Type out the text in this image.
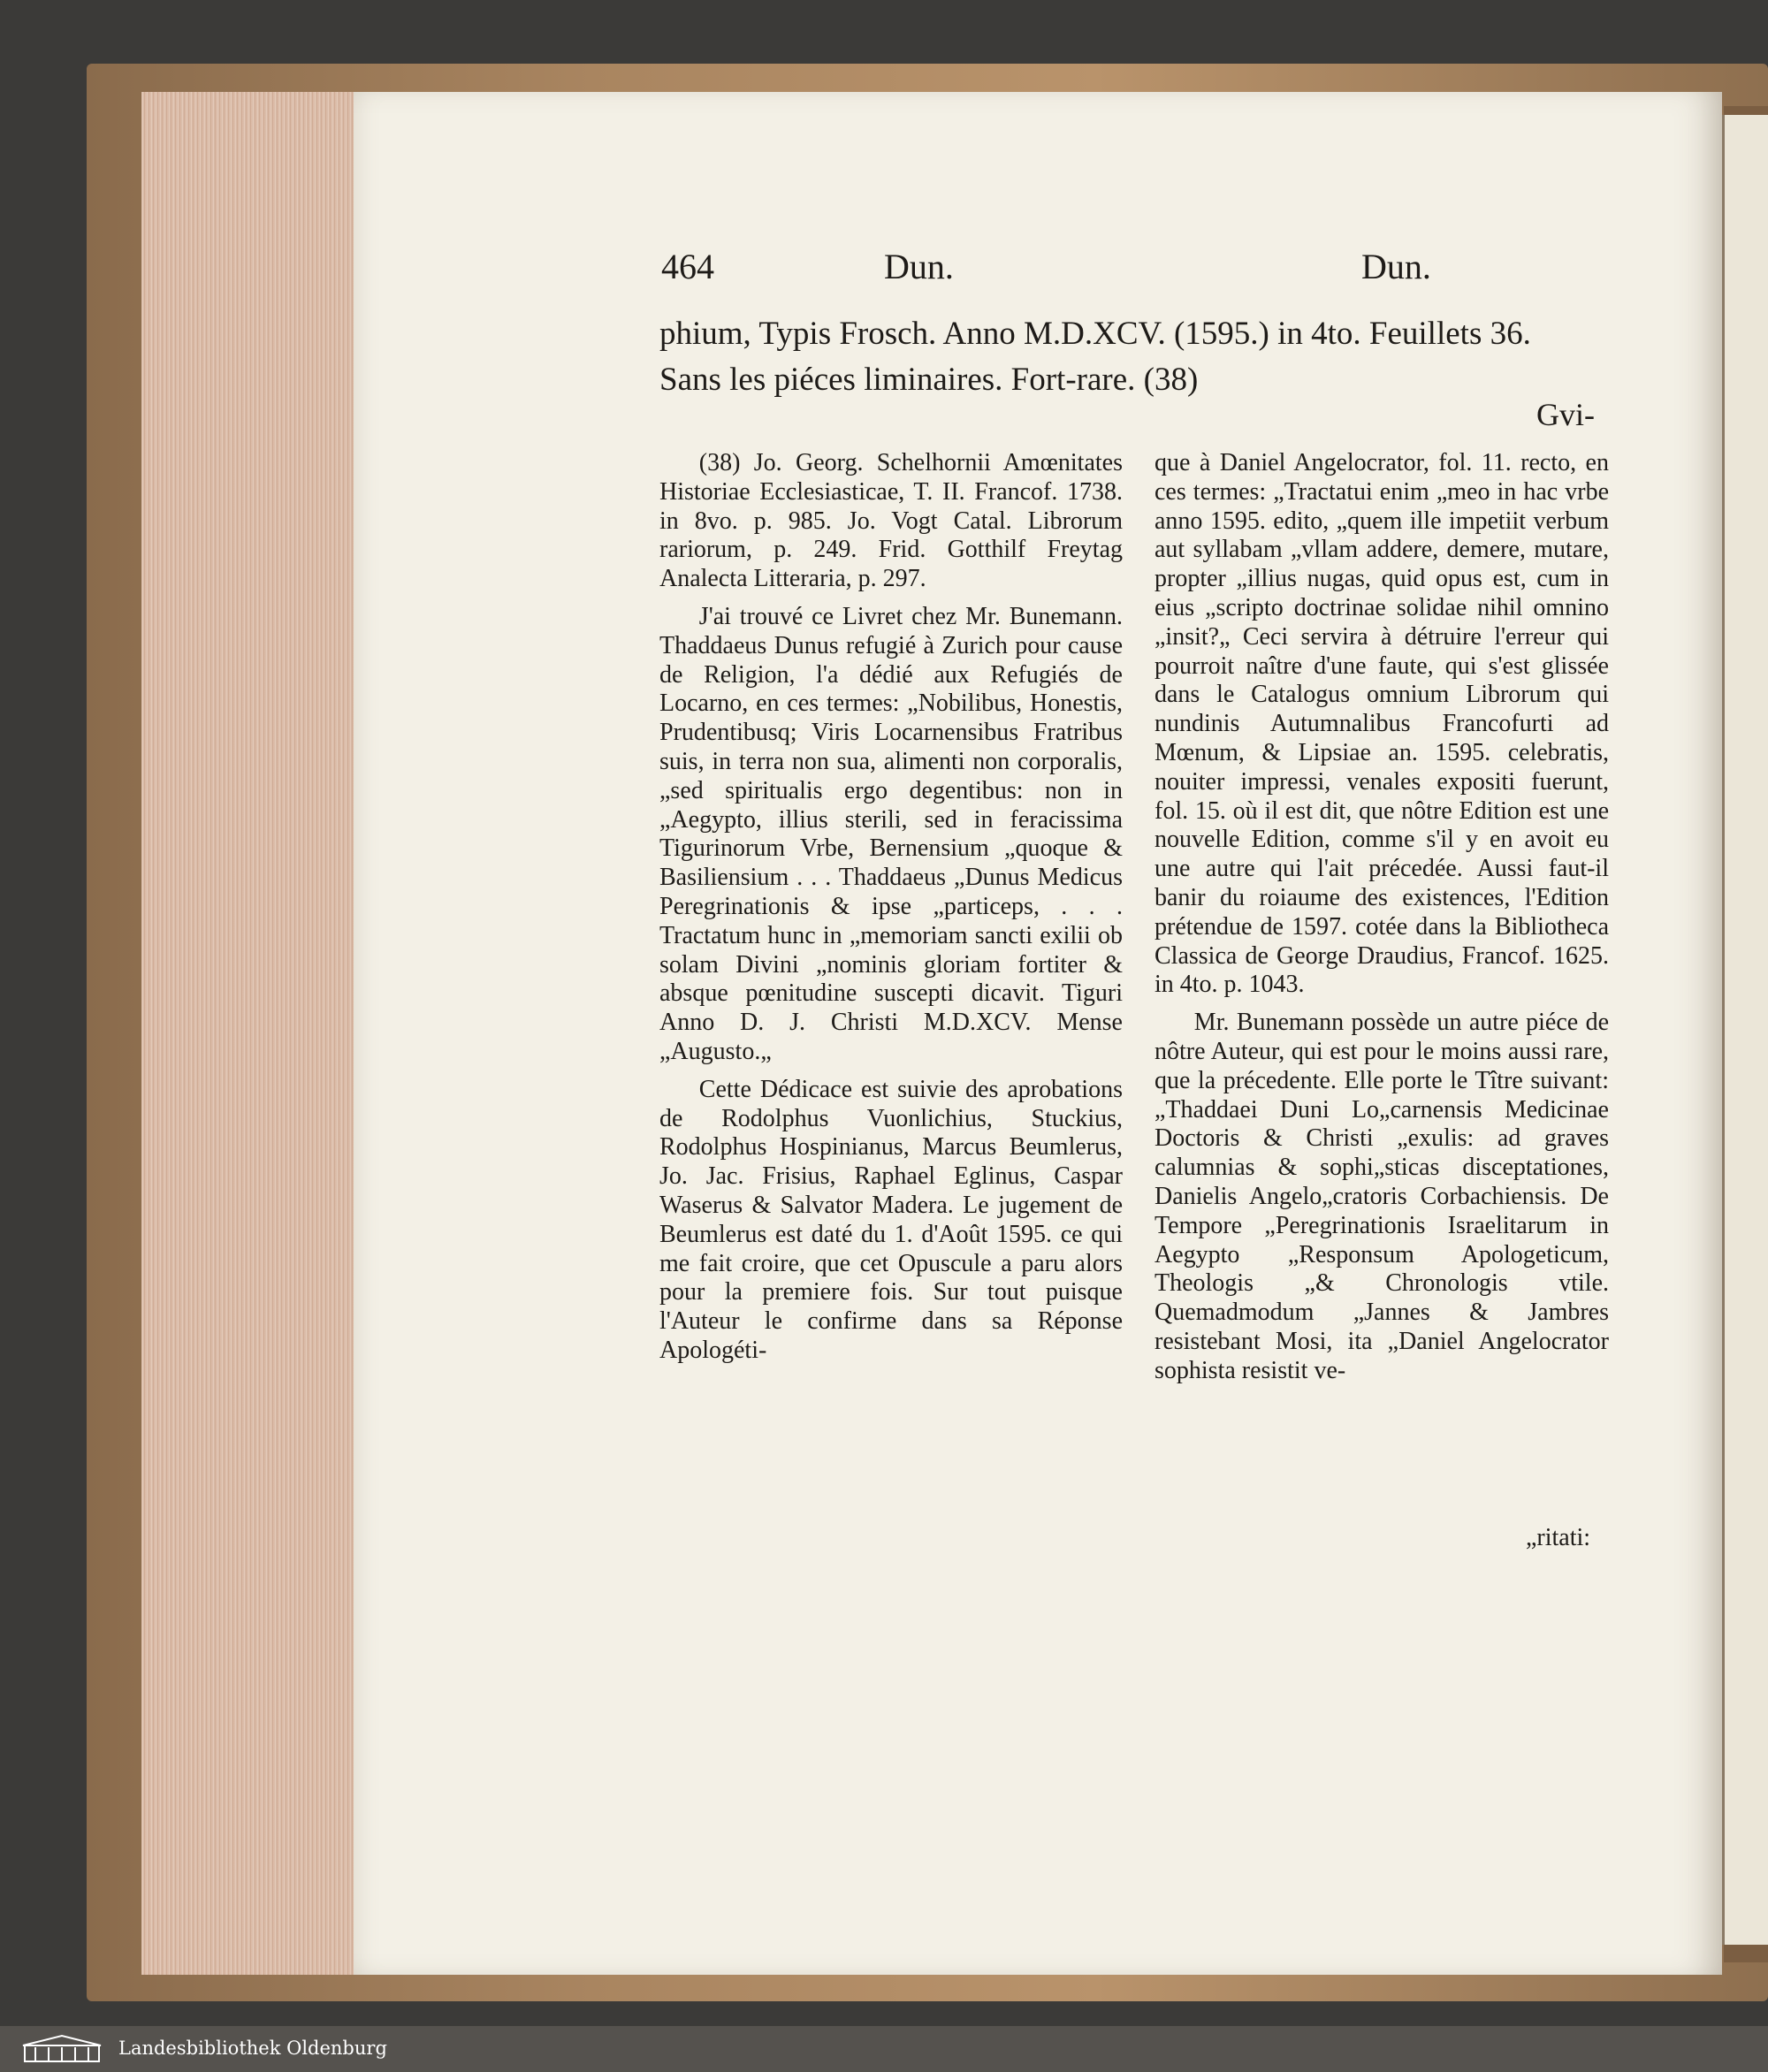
464	Dun.	Dun.

phium, Typis Frosch. Anno M.D.XCV. (1595.) in 4to. Feuillets 36.

Sans les piéces liminaires. Fort-rare. (38)

Gvi-

(38) Jo. Georg. Schelhornii Amœnitates Historiae Ecclesiasticae, T. II. Francof. 1738. in 8vo. p. 985. Jo. Vogt Catal. Librorum rariorum, p. 249. Frid. Gotthilf Freytag Analecta Litteraria, p. 297.

J'ai trouvé ce Livret chez Mr. Bunemann. Thaddaeus Dunus refugié à Zurich pour cause de Religion, l'a dédié aux Refugiés de Locarno, en ces termes: „Nobilibus, Honestis, Prudentibusq; Viris Locarnensibus Fratribus suis, in terra non sua, alimenti non corporalis, „sed spiritualis ergo degentibus: non in „Aegypto, illius sterili, sed in feracissima Tigurinorum Vrbe, Bernensium „quoque & Basiliensium . . . Thaddaeus „Dunus Medicus Peregrinationis & ipse „particeps, . . . Tractatum hunc in „memoriam sancti exilii ob solam Divini „nominis gloriam fortiter & absque pœnitudine suscepti dicavit. Tiguri Anno D. J. Christi M.D.XCV. Mense „Augusto.„

Cette Dédicace est suivie des aprobations de Rodolphus Vuonlichius, Stuckius, Rodolphus Hospinianus, Marcus Beumlerus, Jo. Jac. Frisius, Raphael Eglinus, Caspar Waserus & Salvator Madera. Le jugement de Beumlerus est daté du 1. d'Août 1595. ce qui me fait croire, que cet Opuscule a paru alors pour la premiere fois. Sur tout puisque l'Auteur le confirme dans sa Réponse Apologéti-

que à Daniel Angelocrator, fol. 11. recto, en ces termes: „Tractatui enim „meo in hac vrbe anno 1595. edito, „quem ille impetiit verbum aut syllabam „vllam addere, demere, mutare, propter „illius nugas, quid opus est, cum in eius „scripto doctrinae solidae nihil omnino „insit?„ Ceci servira à détruire l'erreur qui pourroit naître d'une faute, qui s'est glissée dans le Catalogus omnium Librorum qui nundinis Autumnalibus Francofurti ad Mœnum, & Lipsiae an. 1595. celebratis, nouiter impressi, venales expositi fuerunt, fol. 15. où il est dit, que nôtre Edition est une nouvelle Edition, comme s'il y en avoit eu une autre qui l'ait précedée. Aussi faut-il banir du roiaume des existences, l'Edition prétendue de 1597. cotée dans la Bibliotheca Classica de George Draudius, Francof. 1625. in 4to. p. 1043.

Mr. Bunemann possède un autre piéce de nôtre Auteur, qui est pour le moins aussi rare, que la précedente. Elle porte le Tître suivant: „Thaddaei Duni Lo„carnensis Medicinae Doctoris & Christi „exulis: ad graves calumnias & sophi„sticas disceptationes, Danielis Angelo„cratoris Corbachiensis. De Tempore „Peregrinationis Israelitarum in Aegypto „Responsum Apologeticum, Theologis „& Chronologis vtile. Quemadmodum „Jannes & Jambres resistebant Mosi, ita „Daniel Angelocrator sophista resistit ve-

„ritati:
Landesbibliothek Oldenburg
